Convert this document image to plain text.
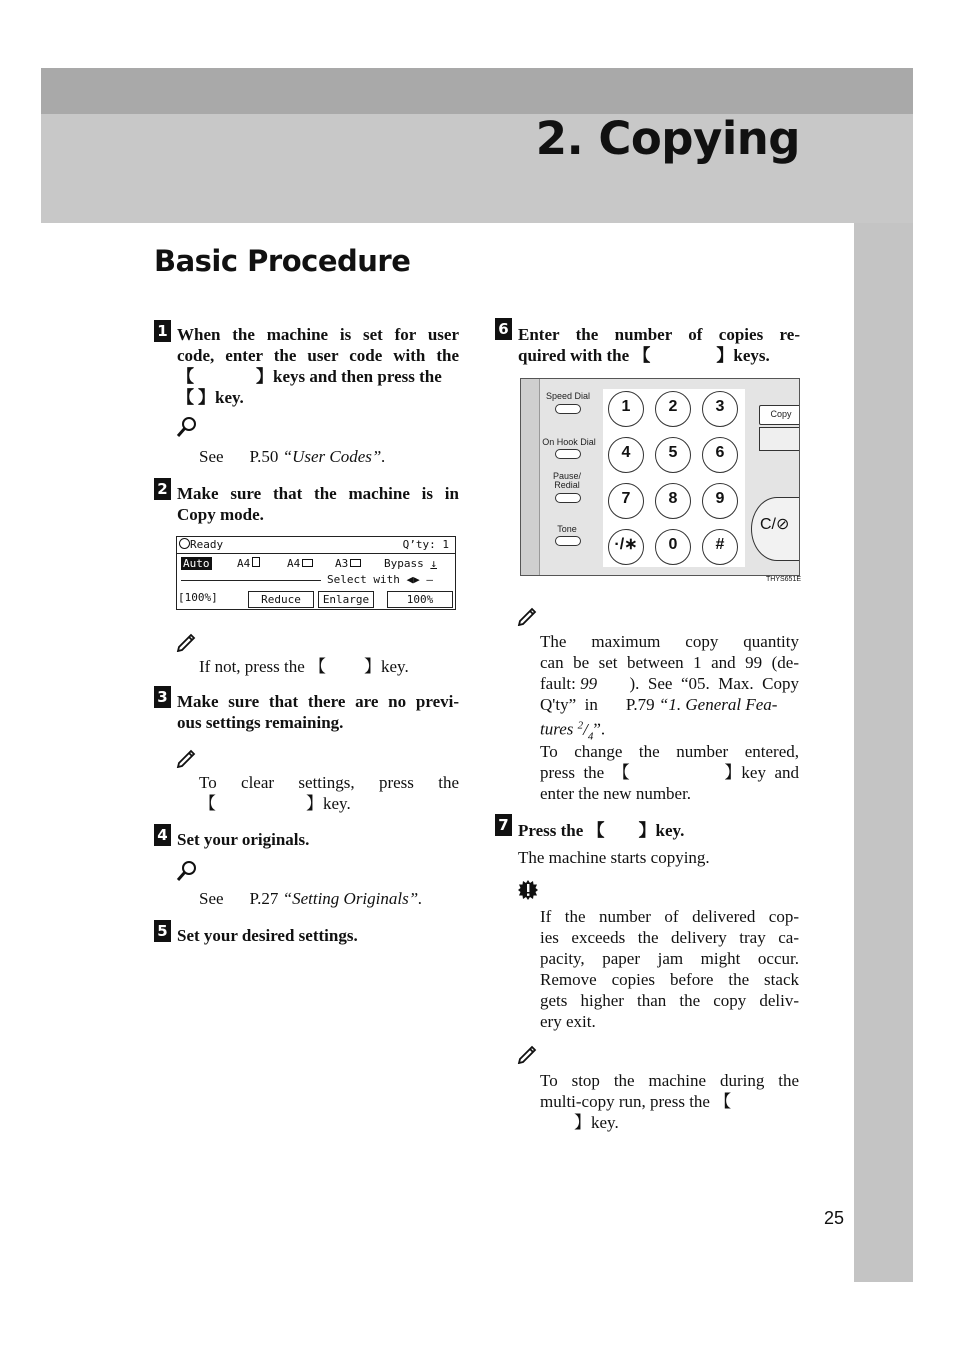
2. Copying
Basic Procedure
1 When the machine is set for user
code, enter the user code with the
【	】keys and then press the
【 】key.
See P.50 “User Codes”.
2 Make sure that the machine is in
Copy mode.
Ready	Q’ty: 1
Auto	A4	A4	A3	Bypass ↓
Select with ◀▶ —
[100%]	Reduce	Enlarge	100%
If not, press the 【 】key.
3 Make sure that there are no previ-
ous settings remaining.
To  clear  settings,  press  the
【	】key.
4 Set your originals.
See P.27 “Setting Originals”.
5 Set your desired settings.
6 Enter the number of copies re-
quired with the 【	】keys.
Speed Dial
On Hook Dial
Pause/
Redial
Tone
1	2	3
4	5	6
7	8	9
·/∗	0	#
Copy
C/⊘
THYS651E
The  maximum  copy  quantity
can be set between 1 and 99 (de-
fault: 99 ).  See  “05.  Max.  Copy
Q'ty”  in P.79
“1. General Fea-
tures $^2/_4$”.
To change the number entered,
press  the  【	】key  and
enter the new number.
7 Press the 【 】key.
The machine starts copying.
If the number of delivered cop-
ies exceeds the delivery tray ca-
pacity, paper jam might occur.
Remove copies before the stack
gets higher than the copy deliv-
ery exit.
To stop the machine during the
multi-copy run, press the 【
】key.
25
